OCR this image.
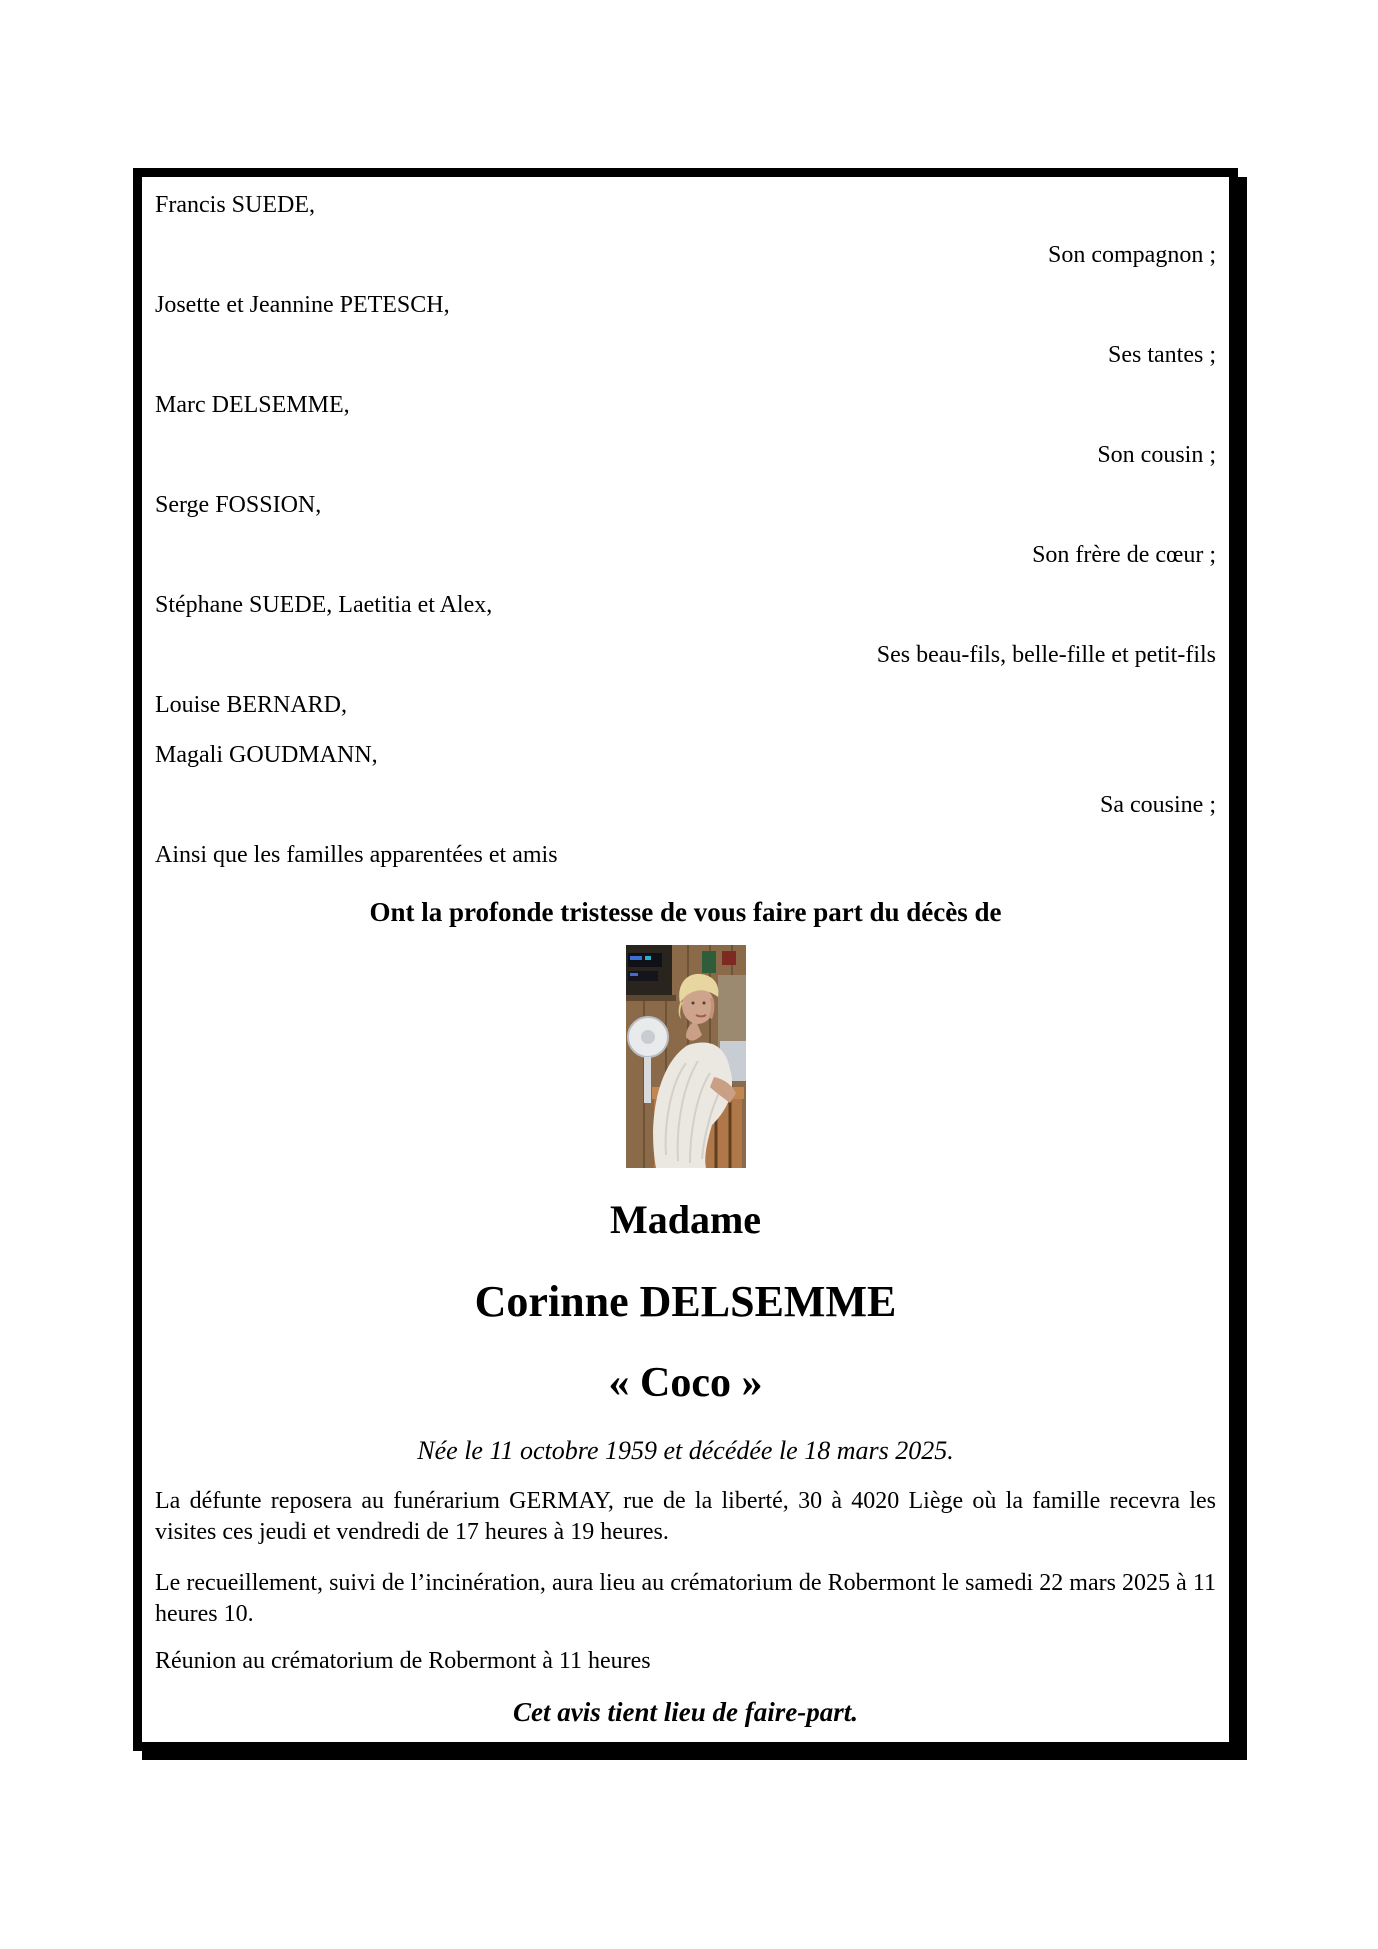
Francis SUEDE,

Son compagnon ;

Josette et Jeannine PETESCH,

Ses tantes ;

Marc DELSEMME,

Son cousin ;

Serge FOSSION,

Son frère de cœur ;

Stéphane SUEDE, Laetitia et Alex,

Ses beau-fils, belle-fille et petit-fils

Louise BERNARD,

Magali GOUDMANN,

Sa cousine ;

Ainsi que les familles apparentées et amis

Ont la profonde tristesse de vous faire part du décès de

Madame

Corinne DELSEMME

« Coco »

Née le 11 octobre 1959 et décédée le 18 mars 2025.

La défunte reposera au funérarium GERMAY, rue de la liberté, 30 à 4020 Liège où la famille recevra les visites ces jeudi et vendredi de 17 heures à 19 heures.

Le recueillement, suivi de l’incinération, aura lieu au crématorium de Robermont le samedi 22 mars 2025 à 11 heures 10.

Réunion au crématorium de Robermont à 11 heures

Cet avis tient lieu de faire-part.
